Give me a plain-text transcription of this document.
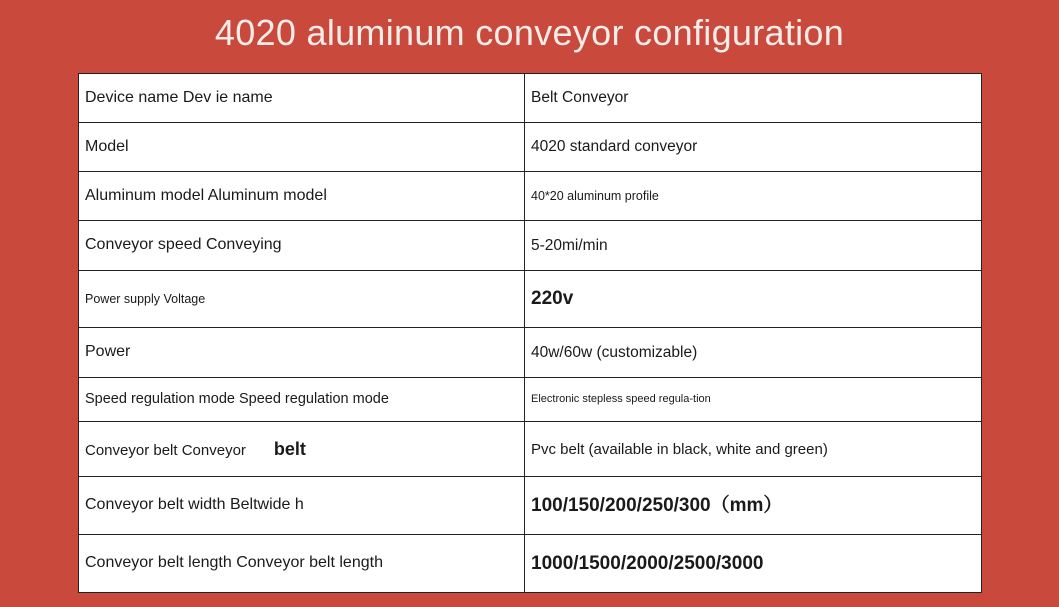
4020 aluminum conveyor configuration
Device name Dev ie name	Belt Conveyor
Model	4020 standard conveyor
Aluminum model Aluminum model	40*20 aluminum profile
Conveyor speed Conveying	5-20mi/min
Power supply Voltage	220v
Power	40w/60w (customizable)
Speed regulation mode Speed regulation mode	Electronic stepless speed regula-tion
Conveyor belt Conveyor belt	Pvc belt (available in black, white and green)
Conveyor belt width Beltwide h	100/150/200/250/300（mm）
Conveyor belt length Conveyor belt length	1000/1500/2000/2500/3000
